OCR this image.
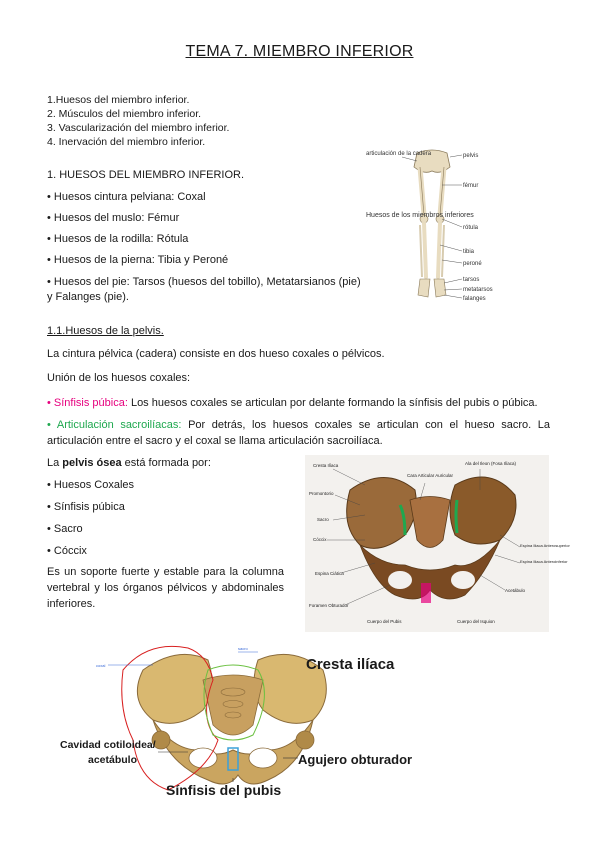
TEMA 7. MIEMBRO INFERIOR
1.Huesos del miembro inferior.
2. Músculos del miembro inferior.
3. Vascularización del miembro inferior.
4. Inervación del miembro inferior.
1. HUESOS DEL MIEMBRO INFERIOR.
• Huesos cintura pelviana: Coxal
• Huesos del muslo: Fémur
• Huesos de la rodilla: Rótula
• Huesos de la pierna: Tibia y Peroné
• Huesos del pie: Tarsos (huesos del tobillo), Metatarsianos (pie)
y Falanges (pie).
articulación de la cadera
Huesos de los miembros inferiores
pelvis
fémur
rótula
tibia
peroné
tarsos
metatarsos
falanges
1.1.Huesos de la pelvis.
La cintura pélvica (cadera) consiste en dos hueso coxales o pélvicos.
Unión de los huesos coxales:
• Sínfisis púbica: Los huesos coxales se articulan por delante formando la sínfisis del pubis o púbica.
• Articulación sacroilíacas: Por detrás, los huesos coxales se articulan con el hueso sacro. La articulación entre el sacro y el coxal se llama articulación sacroilíaca.
La pelvis ósea está formada por:
• Huesos Coxales
• Sínfisis púbica
• Sacro
• Cóccix
Es un soporte fuerte y estable para la columna vertebral y los órganos pélvicos y abdominales inferiores.
Cresta Ilíaca
Cara Articular Auricular
Ala del Ileon (Fosa Ilíaca)
Promontorio
Sacro
Cóccix
Espina Ciática
Foramen Obturador
Cuerpo del Pubis	Cuerpo del Isquion
Acetábulo
Espina Iliaca Anterosuperior
Espina Iliaca Anteroinferior
coxal
sacro
Cresta ilíaca
Cavidad cotiloidea/
acetábulo	Agujero obturador
Sínfisis del pubis
